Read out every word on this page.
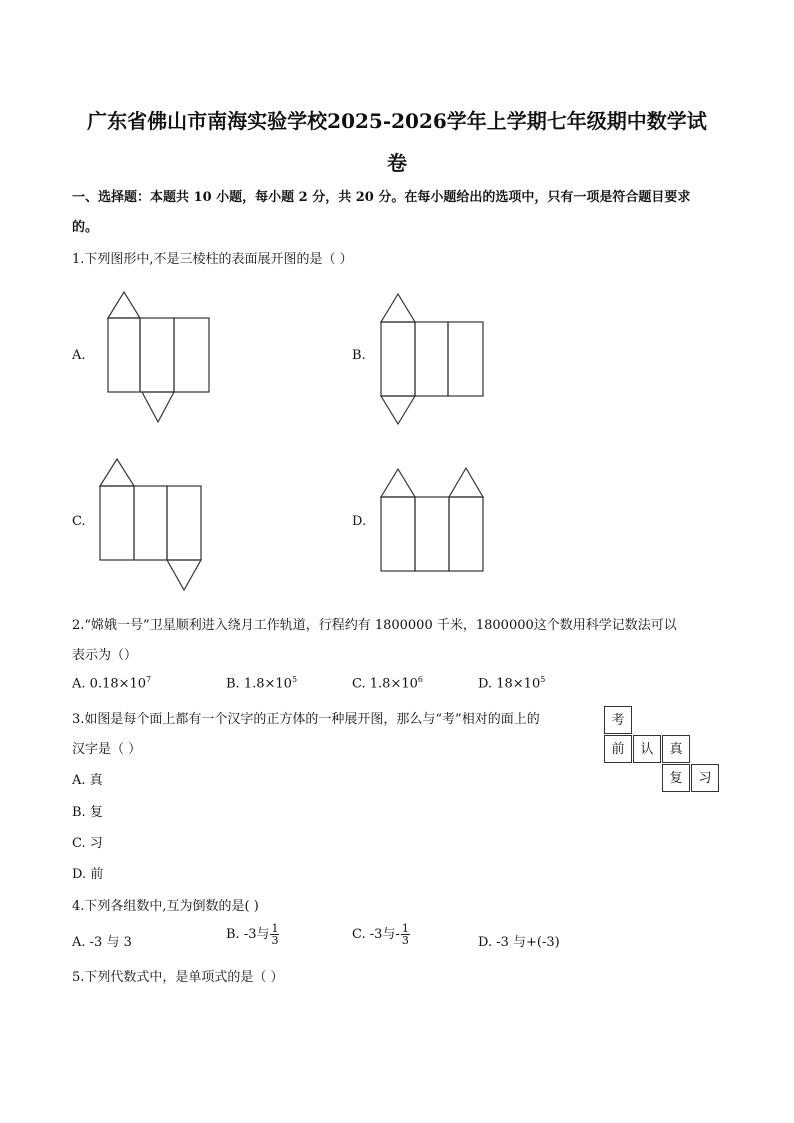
广东省佛山市南海实验学校2025-2026学年上学期七年级期中数学试
卷
一、选择题：本题共 10 小题，每小题 2 分，共 20 分。在每小题给出的选项中，只有一项是符合题目要求
的。
1.下列图形中,不是三棱柱的表面展开图的是（ ）
A.	B.
C.	D.
2.“嫦娥一号”卫星顺利进入绕月工作轨道，行程约有 1800000 千米，1800000这个数用科学记数法可以
表示为（）
A. $0.18\times 10^7$	B. $1.8\times 10^5$	C. $1.8\times 10^6$	D. $18\times 10^5$
3.如图是每个面上都有一个汉字的正方体的一种展开图，那么与“考”相对的面上的
汉字是（ ）
考
前	认	真
复	习
A. 真
B. 复
C. 习
D. 前
4.下列各组数中,互为倒数的是( )
A. -3 与 3
B. -3与 $\frac{1}{3}$	C. -3与- $\frac{1}{3}$	D. -3 与+(-3)
5.下列代数式中，是单项式的是（ ）
